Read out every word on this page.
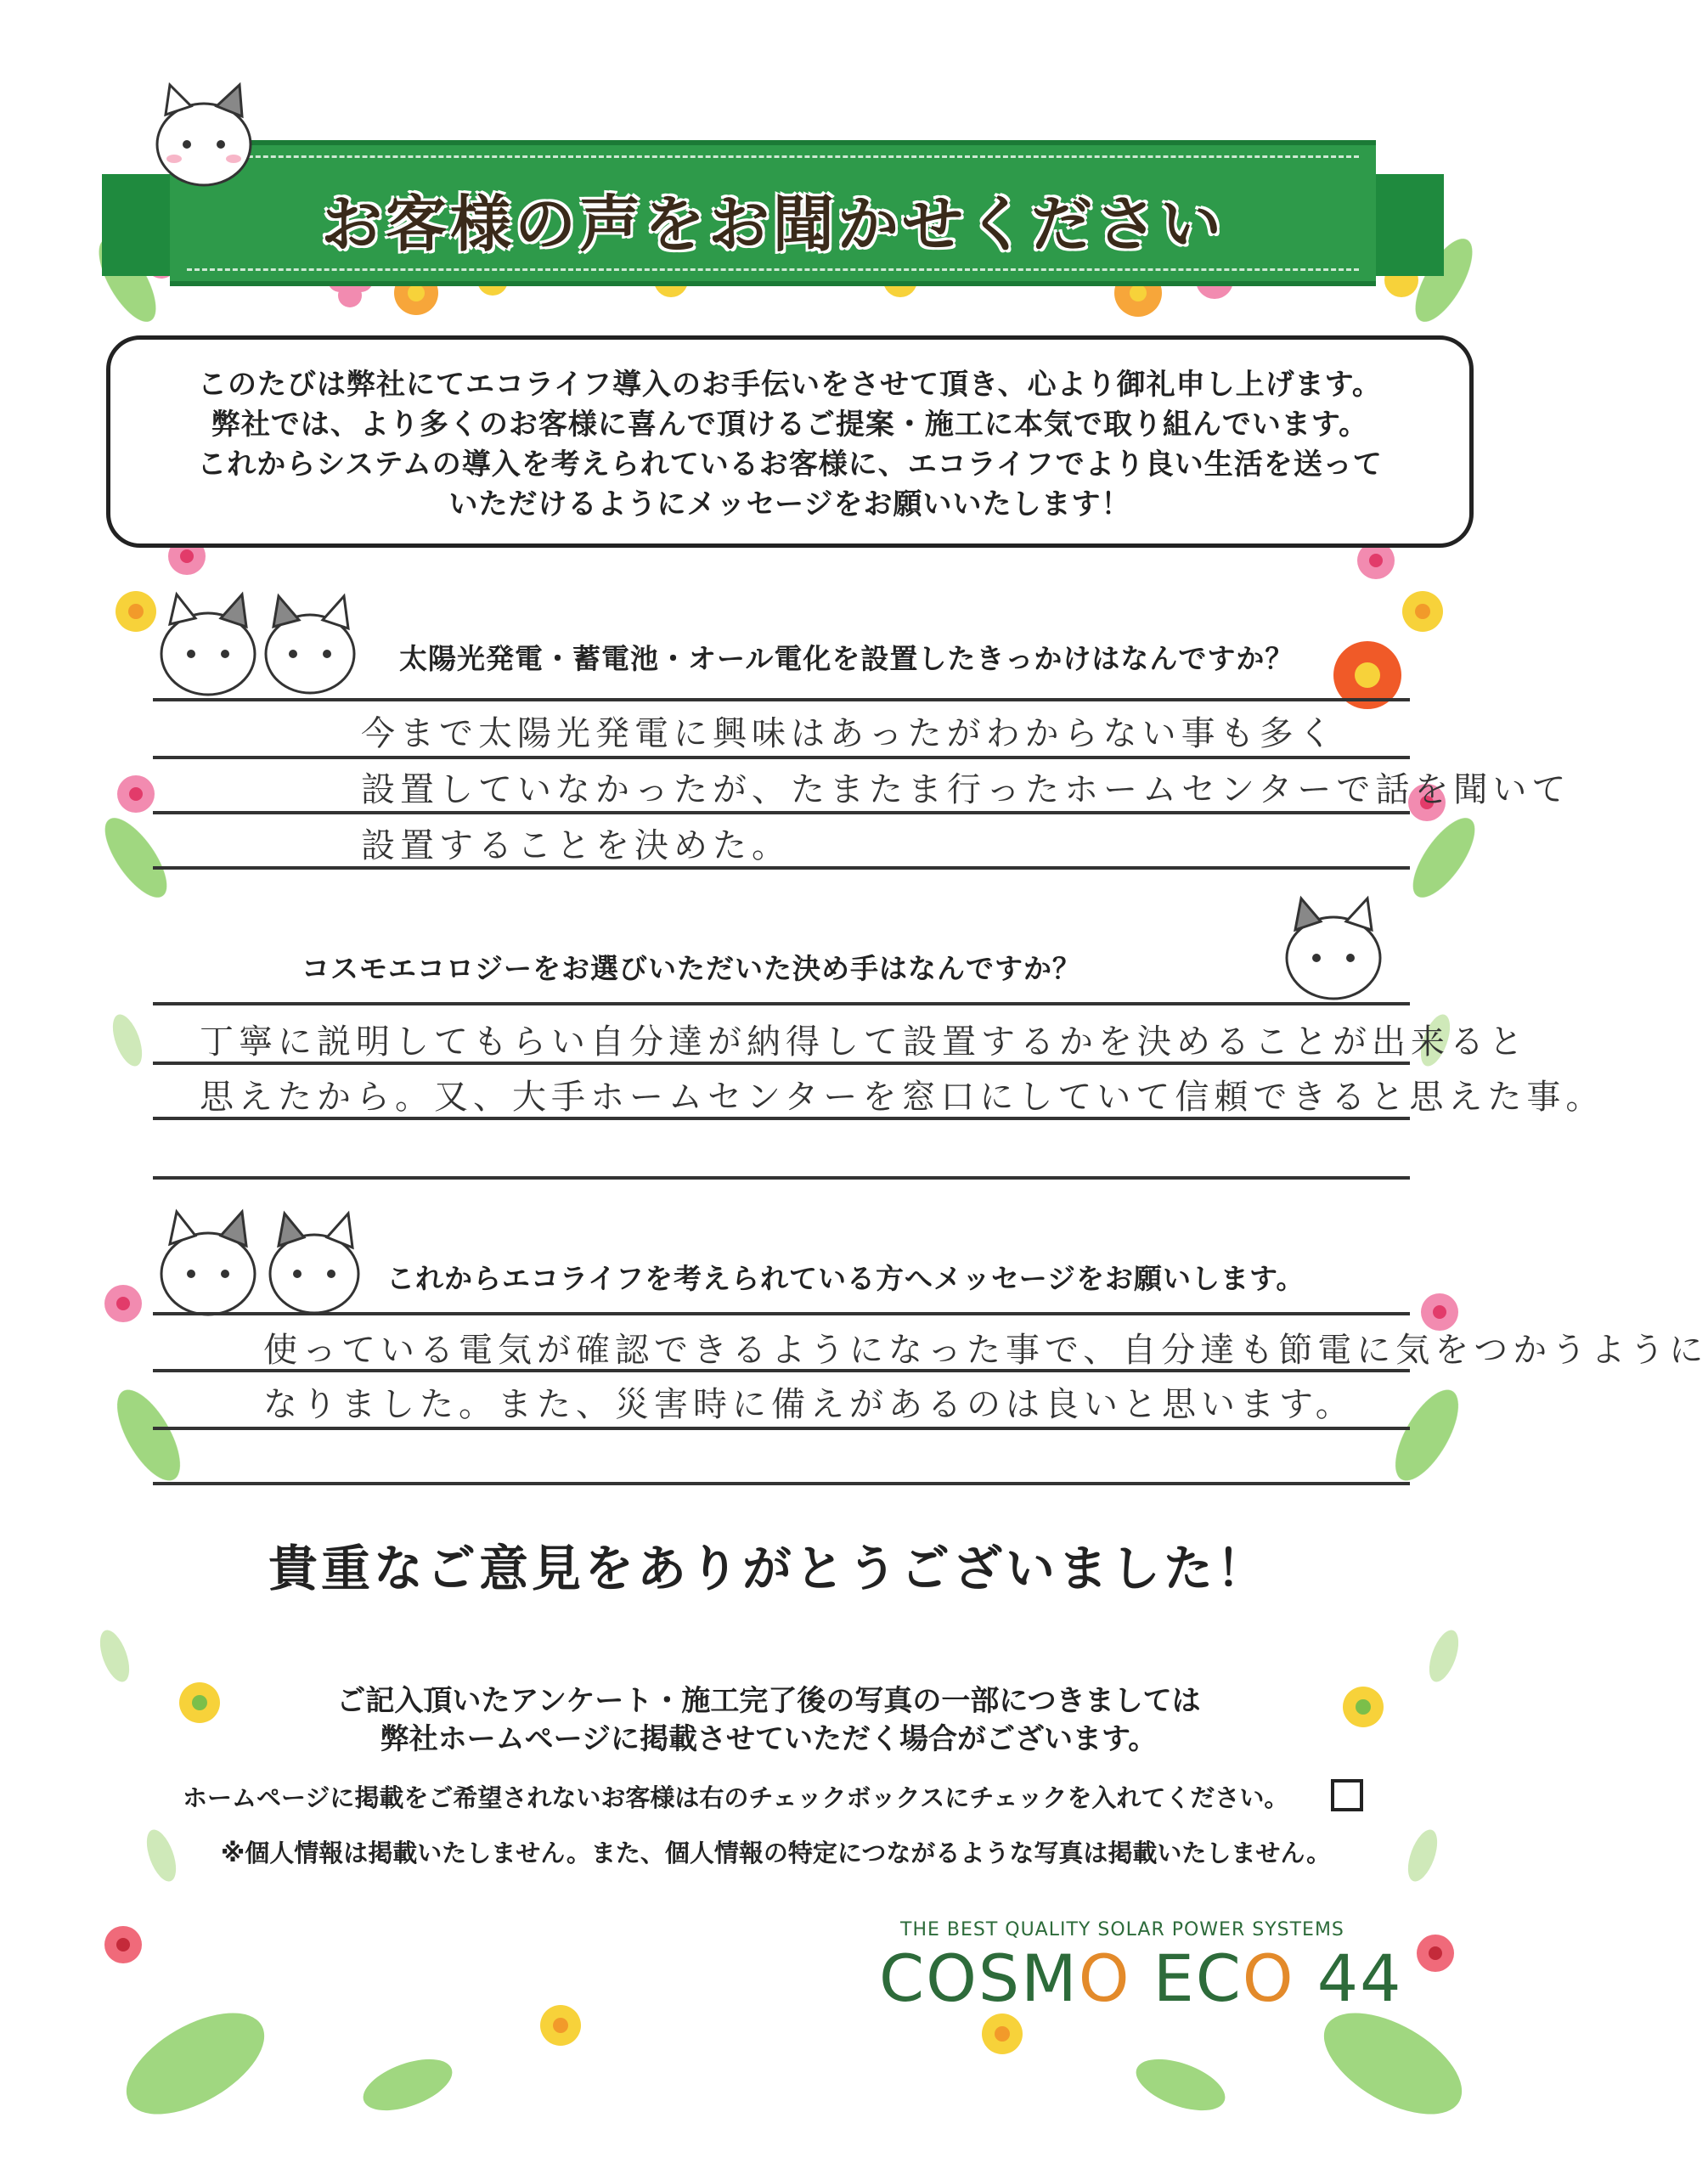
お客様の声をお聞かせください
このたびは弊社にてエコライフ導入のお手伝いをさせて頂き、心より御礼申し上げます。
弊社では、より多くのお客様に喜んで頂けるご提案・施工に本気で取り組んでいます。
これからシステムの導入を考えられているお客様に、エコライフでより良い生活を送って
いただけるようにメッセージをお願いいたします！
太陽光発電・蓄電池・オール電化を設置したきっかけはなんですか？
今まで太陽光発電に興味はあったがわからない事も多く
設置していなかったが、たまたま行ったホームセンターで話を聞いて
設置することを決めた。
コスモエコロジーをお選びいただいた決め手はなんですか？
丁寧に説明してもらい自分達が納得して設置するかを決めることが出来ると
思えたから。又、大手ホームセンターを窓口にしていて信頼できると思えた事。
これからエコライフを考えられている方へメッセージをお願いします。
使っている電気が確認できるようになった事で、自分達も節電に気をつかうように
なりました。また、災害時に備えがあるのは良いと思います。
貴重なご意見をありがとうございました！
ご記入頂いたアンケート・施工完了後の写真の一部につきましては
弊社ホームページに掲載させていただく場合がございます。
ホームページに掲載をご希望されないお客様は右のチェックボックスにチェックを入れてください。
※個人情報は掲載いたしません。また、個人情報の特定につながるような写真は掲載いたしません。
THE BEST QUALITY SOLAR POWER SYSTEMS
COSMO ECO 44
